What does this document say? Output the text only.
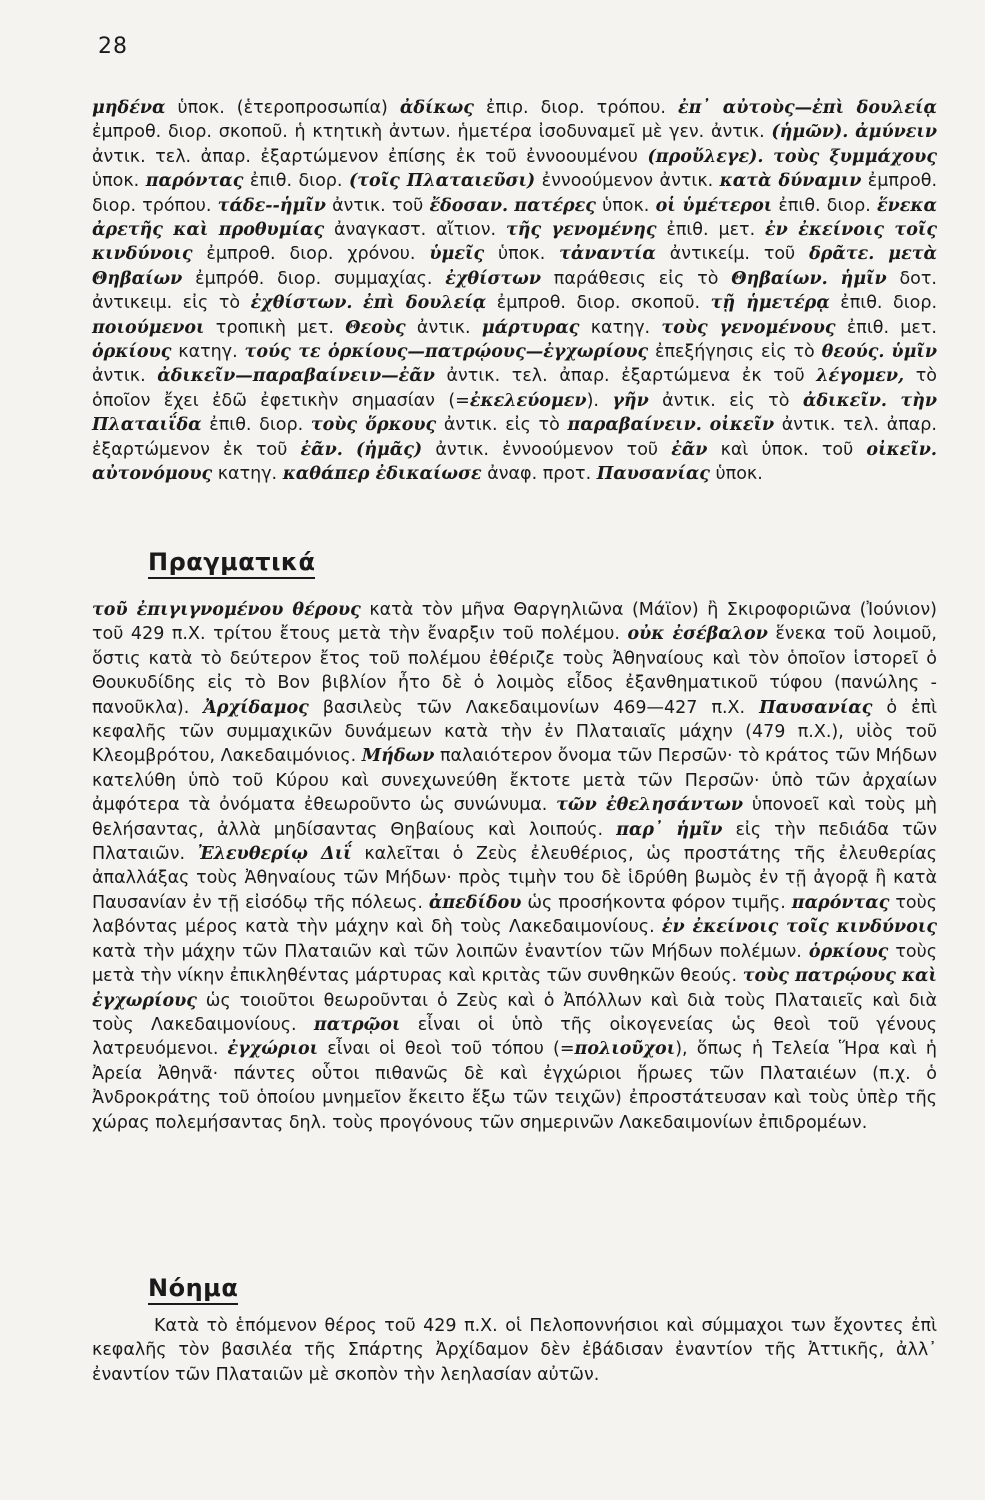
28

μηδένα ὑποκ. (ἑτεροπροσωπία) ἀδίκως ἐπιρ. διορ. τρόπου. ἐπ᾽ αὐτοὺς—ἐπὶ δουλείᾳ ἐμπροθ. διορ. σκοποῦ. ἡ κτητικὴ ἀντων. ἡμετέρα ἰσοδυναμεῖ μὲ γεν. ἀντικ. (ἡμῶν). ἀμύνειν ἀντικ. τελ. ἀπαρ. ἐξαρτώμενον ἐπίσης ἐκ τοῦ ἐννοουμένου (προὔλεγε). τοὺς ξυμμάχους ὑποκ. παρόντας ἐπιθ. διορ. (τοῖς Πλαταιεῦσι) ἐννοούμενον ἀντικ. κατὰ δύναμιν ἐμπροθ. διορ. τρόπου. τάδε--ἡμῖν ἀντικ. τοῦ ἔδοσαν. πατέρες ὑποκ. οἱ ὑμέτεροι ἐπιθ. διορ. ἕνεκα ἀρετῆς καὶ προθυμίας ἀναγκαστ. αἴτιον. τῆς γενομένης ἐπιθ. μετ. ἐν ἐκείνοις τοῖς κινδύνοις ἐμπροθ. διορ. χρόνου. ὑμεῖς ὑποκ. τἀναντία ἀντικείμ. τοῦ δρᾶτε. μετὰ Θηβαίων ἐμπρόθ. διορ. συμμαχίας. ἐχθίστων παράθεσις εἰς τὸ Θηβαίων. ἡμῖν δοτ. ἀντικειμ. εἰς τὸ ἐχθίστων. ἐπὶ δουλείᾳ ἐμπροθ. διορ. σκοποῦ. τῇ ἡμετέρᾳ ἐπιθ. διορ. ποιούμενοι τροπικὴ μετ. Θεοὺς ἀντικ. μάρτυρας κατηγ. τοὺς γενομένους ἐπιθ. μετ. ὁρκίους κατηγ. τούς τε ὁρκίους—πατρῴους—ἐγχωρίους ἐπεξήγησις εἰς τὸ θεούς. ὑμῖν ἀντικ. ἀδικεῖν—παραβαίνειν—ἐᾶν ἀντικ. τελ. ἀπαρ. ἐξαρτώμενα ἐκ τοῦ λέγομεν, τὸ ὁποῖον ἔχει ἐδῶ ἐφετικὴν σημασίαν (=ἐκελεύομεν). γῆν ἀντικ. εἰς τὸ ἀδικεῖν. τὴν Πλαταιΐδα ἐπιθ. διορ. τοὺς ὅρκους ἀντικ. εἰς τὸ παραβαίνειν. οἰκεῖν ἀντικ. τελ. ἀπαρ. ἐξαρτώμενον ἐκ τοῦ ἐᾶν. (ἡμᾶς) ἀντικ. ἐννοούμενον τοῦ ἐᾶν καὶ ὑποκ. τοῦ οἰκεῖν. αὐτονόμους κατηγ. καθάπερ ἐδικαίωσε ἀναφ. προτ. Παυσανίας ὑποκ.

Πραγματικά

τοῦ ἐπιγιγνομένου θέρους κατὰ τὸν μῆνα Θαργηλιῶνα (Μάϊον) ἢ Σκιροφοριῶνα (Ἰούνιον) τοῦ 429 π.Χ. τρίτου ἔτους μετὰ τὴν ἔναρξιν τοῦ πολέμου. οὐκ ἐσέβαλον ἕνεκα τοῦ λοιμοῦ, ὅστις κατὰ τὸ δεύτερον ἔτος τοῦ πολέμου ἐθέριζε τοὺς Ἀθηναίους καὶ τὸν ὁποῖον ἱστορεῖ ὁ Θουκυδίδης εἰς τὸ Βον βιβλίον ἦτο δὲ ὁ λοιμὸς εἶδος ἐξανθηματικοῦ τύφου (πανώλης - πανοῦκλα). Ἀρχίδαμος βασιλεὺς τῶν Λακεδαιμονίων 469—427 π.Χ. Παυσανίας ὁ ἐπὶ κεφαλῆς τῶν συμμαχικῶν δυνάμεων κατὰ τὴν ἐν Πλαταιαῖς μάχην (479 π.Χ.), υἱὸς τοῦ Κλεομβρότου, Λακεδαιμόνιος. Μήδων παλαιότερον ὄνομα τῶν Περσῶν· τὸ κράτος τῶν Μήδων κατελύθη ὑπὸ τοῦ Κύρου καὶ συνεχωνεύθη ἔκτοτε μετὰ τῶν Περσῶν· ὑπὸ τῶν ἀρχαίων ἀμφότερα τὰ ὀνόματα ἐθεωροῦντο ὡς συνώνυμα. τῶν ἐθελησάντων ὑπονοεῖ καὶ τοὺς μὴ θελήσαντας, ἀλλὰ μηδίσαντας Θηβαίους καὶ λοιπούς. παρ᾽ ἡμῖν εἰς τὴν πεδιάδα τῶν Πλαταιῶν. Ἐλευθερίῳ Διΐ καλεῖται ὁ Ζεὺς ἐλευθέριος, ὡς προστάτης τῆς ἐλευθερίας ἀπαλλάξας τοὺς Ἀθηναίους τῶν Μήδων· πρὸς τιμὴν του δὲ ἱδρύθη βωμὸς ἐν τῇ ἀγορᾷ ἢ κατὰ Παυσανίαν ἐν τῇ εἰσόδῳ τῆς πόλεως. ἀπεδίδου ὡς προσήκοντα φόρον τιμῆς. παρόντας τοὺς λαβόντας μέρος κατὰ τὴν μάχην καὶ δὴ τοὺς Λακεδαιμονίους. ἐν ἐκείνοις τοῖς κινδύνοις κατὰ τὴν μάχην τῶν Πλαταιῶν καὶ τῶν λοιπῶν ἐναντίον τῶν Μήδων πολέμων. ὁρκίους τοὺς μετὰ τὴν νίκην ἐπικληθέντας μάρτυρας καὶ κριτὰς τῶν συνθηκῶν θεούς. τοὺς πατρῴους καὶ ἐγχωρίους ὡς τοιοῦτοι θεωροῦνται ὁ Ζεὺς καὶ ὁ Ἀπόλλων καὶ διὰ τοὺς Πλαταιεῖς καὶ διὰ τοὺς Λακεδαιμονίους. πατρῷοι εἶναι οἱ ὑπὸ τῆς οἰκογενείας ὡς θεοὶ τοῦ γένους λατρευόμενοι. ἐγχώριοι εἶναι οἱ θεοὶ τοῦ τόπου (=πολιοῦχοι), ὅπως ἡ Τελεία Ἥρα καὶ ἡ Ἀρεία Ἀθηνᾶ· πάντες οὗτοι πιθανῶς δὲ καὶ ἐγχώριοι ἥρωες τῶν Πλαταιέων (π.χ. ὁ Ἀνδροκράτης τοῦ ὁποίου μνημεῖον ἔκειτο ἔξω τῶν τειχῶν) ἐπροστάτευσαν καὶ τοὺς ὑπὲρ τῆς χώρας πολεμήσαντας δηλ. τοὺς προγόνους τῶν σημερινῶν Λακεδαιμονίων ἐπιδρομέων.

Νόημα

Κατὰ τὸ ἑπόμενον θέρος τοῦ 429 π.Χ. οἱ Πελοποννήσιοι καὶ σύμμαχοι των ἔχοντες ἐπὶ κεφαλῆς τὸν βασιλέα τῆς Σπάρτης Ἀρχίδαμον δὲν ἐβάδισαν ἐναντίον τῆς Ἀττικῆς, ἀλλ᾽ ἐναντίον τῶν Πλαταιῶν μὲ σκοπὸν τὴν λεηλασίαν αὐτῶν.
